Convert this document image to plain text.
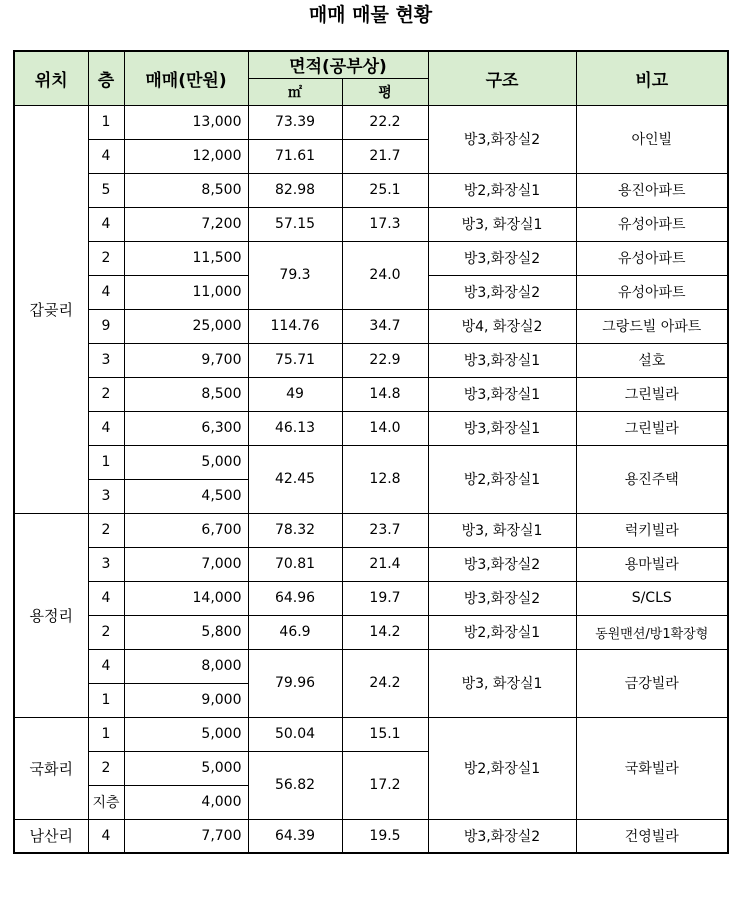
매매 매물 현황
위치	층	매매(만원)	면적(공부상)		구조	비고
			㎡	평		
갑곶리	1	13,000	73.39	22.2	방3,화장실2	아인빌
	4	12,000	71.61	21.7		
	5	8,500	82.98	25.1	방2,화장실1	용진아파트
	4	7,200	57.15	17.3	방3, 화장실1	유성아파트
	2	11,500	79.3	24.0	방3,화장실2	유성아파트
	4	11,000			방3,화장실2	유성아파트
	9	25,000	114.76	34.7	방4, 화장실2	그랑드빌 아파트
	3	9,700	75.71	22.9	방3,화장실1	설호
	2	8,500	49	14.8	방3,화장실1	그린빌라
	4	6,300	46.13	14.0	방3,화장실1	그린빌라
	1	5,000	42.45	12.8	방2,화장실1	용진주택
	3	4,500				
용정리	2	6,700	78.32	23.7	방3, 화장실1	럭키빌라
	3	7,000	70.81	21.4	방3,화장실2	용마빌라
	4	14,000	64.96	19.7	방3,화장실2	S/CLS
	2	5,800	46.9	14.2	방2,화장실1	동원맨션/방1확장형
	4	8,000	79.96	24.2	방3, 화장실1	금강빌라
	1	9,000				
국화리	1	5,000	50.04	15.1	방2,화장실1	국화빌라
	2	5,000	56.82	17.2		
	지층	4,000				
남산리	4	7,700	64.39	19.5	방3,화장실2	건영빌라
